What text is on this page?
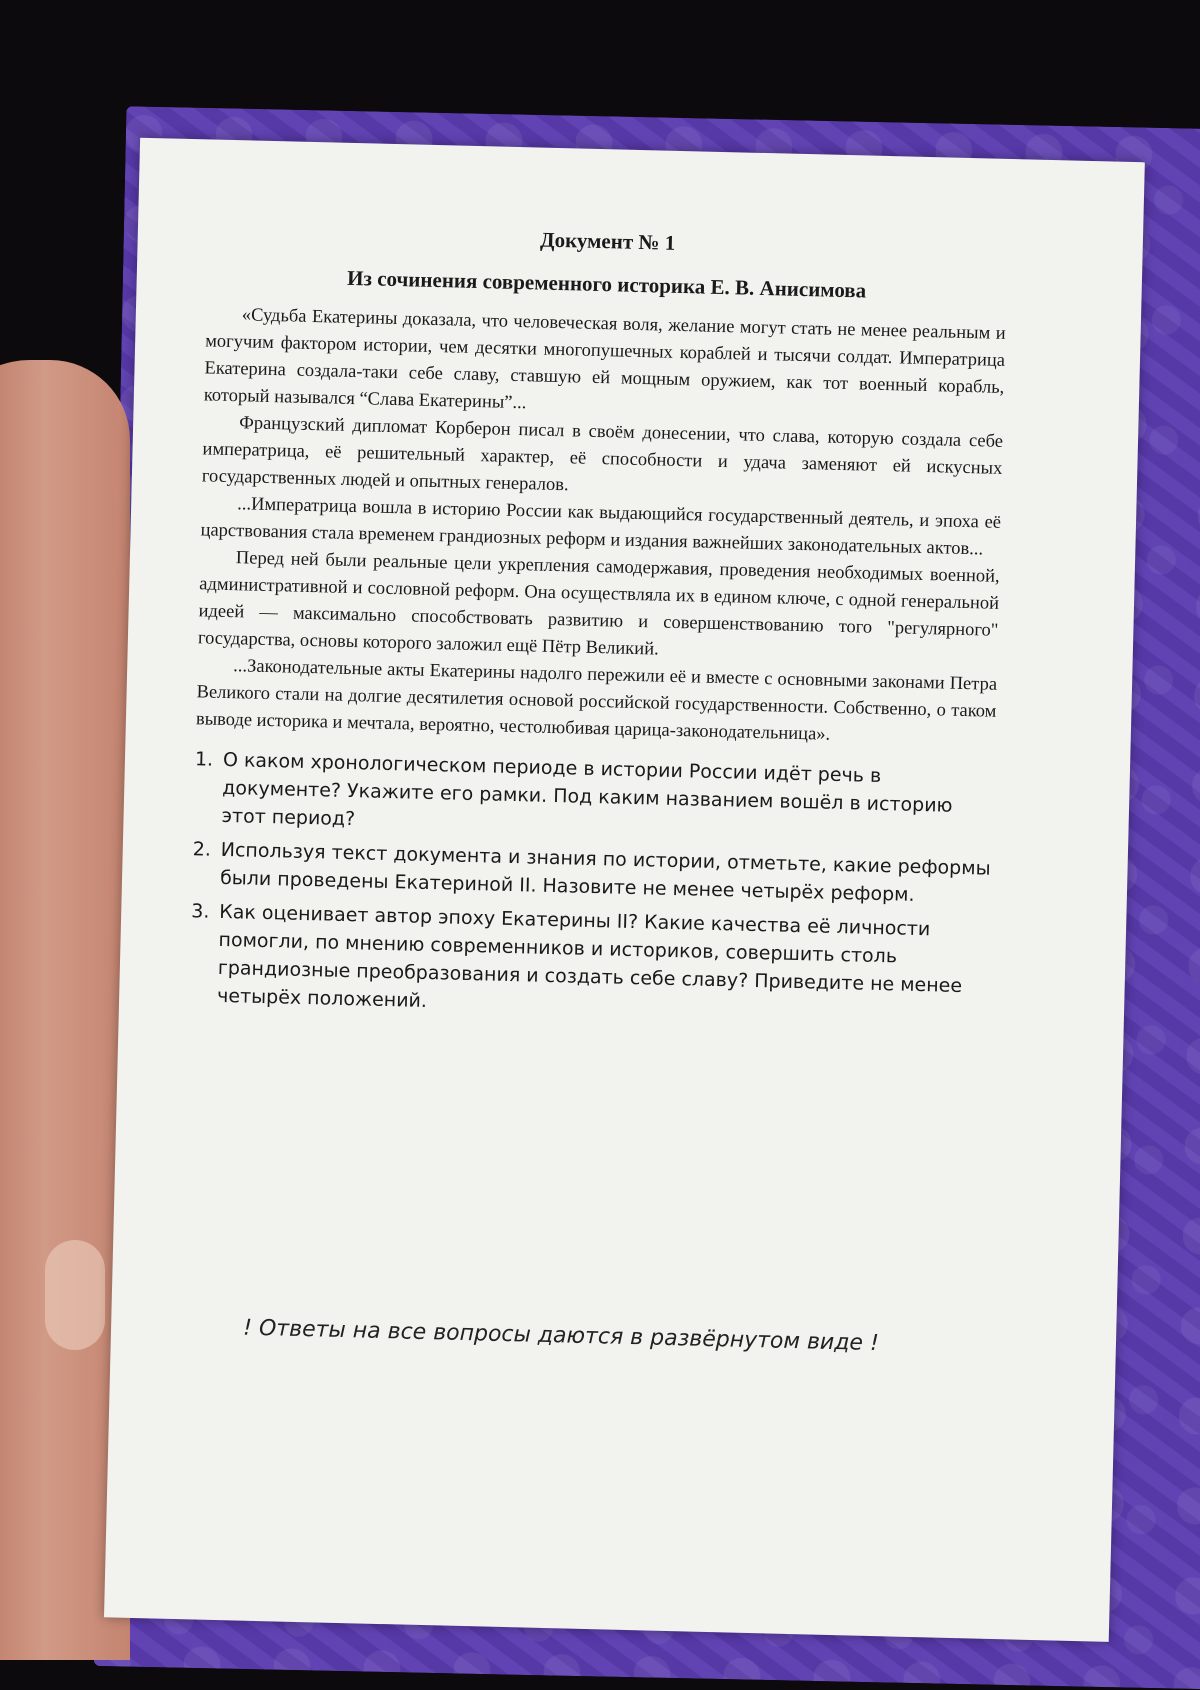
Документ № 1
Из сочинения современного историка Е. В. Анисимова

«Судьба Екатерины доказала, что человеческая воля, желание могут стать не менее реальным и могучим фактором истории, чем десятки многопушечных кораблей и тысячи солдат. Императрица Екатерина создала-таки себе славу, ставшую ей мощным оружием, как тот военный корабль, который назывался “Слава Екатерины”...

Французский дипломат Корберон писал в своём донесении, что слава, которую создала себе императрица, её решительный характер, её способности и удача заменяют ей искусных государственных людей и опытных генералов.

...Императрица вошла в историю России как выдающийся государственный деятель, и эпоха её царствования стала временем грандиозных реформ и издания важнейших законодательных актов...

Перед ней были реальные цели укрепления самодержавия, проведения необходимых военной, административной и сословной реформ. Она осуществляла их в едином ключе, с одной генеральной идеей — максимально способствовать развитию и совершенствованию того "регулярного" государства, основы которого заложил ещё Пётр Великий.

...Законодательные акты Екатерины надолго пережили её и вместе с основными законами Петра Великого стали на долгие десятилетия основой российской государственности. Собственно, о таком выводе историка и мечтала, вероятно, честолюбивая царица-законодательница».

1. О каком хронологическом периоде в истории России идёт речь в документе? Укажите его рамки. Под каким названием вошёл в историю этот период?
2. Используя текст документа и знания по истории, отметьте, какие реформы были проведены Екатериной II. Назовите не менее четырёх реформ.
3. Как оценивает автор эпоху Екатерины II? Какие качества её личности помогли, по мнению современников и историков, совершить столь грандиозные преобразования и создать себе славу? Приведите не менее четырёх положений.
! Ответы на все вопросы даются в развёрнутом виде !
